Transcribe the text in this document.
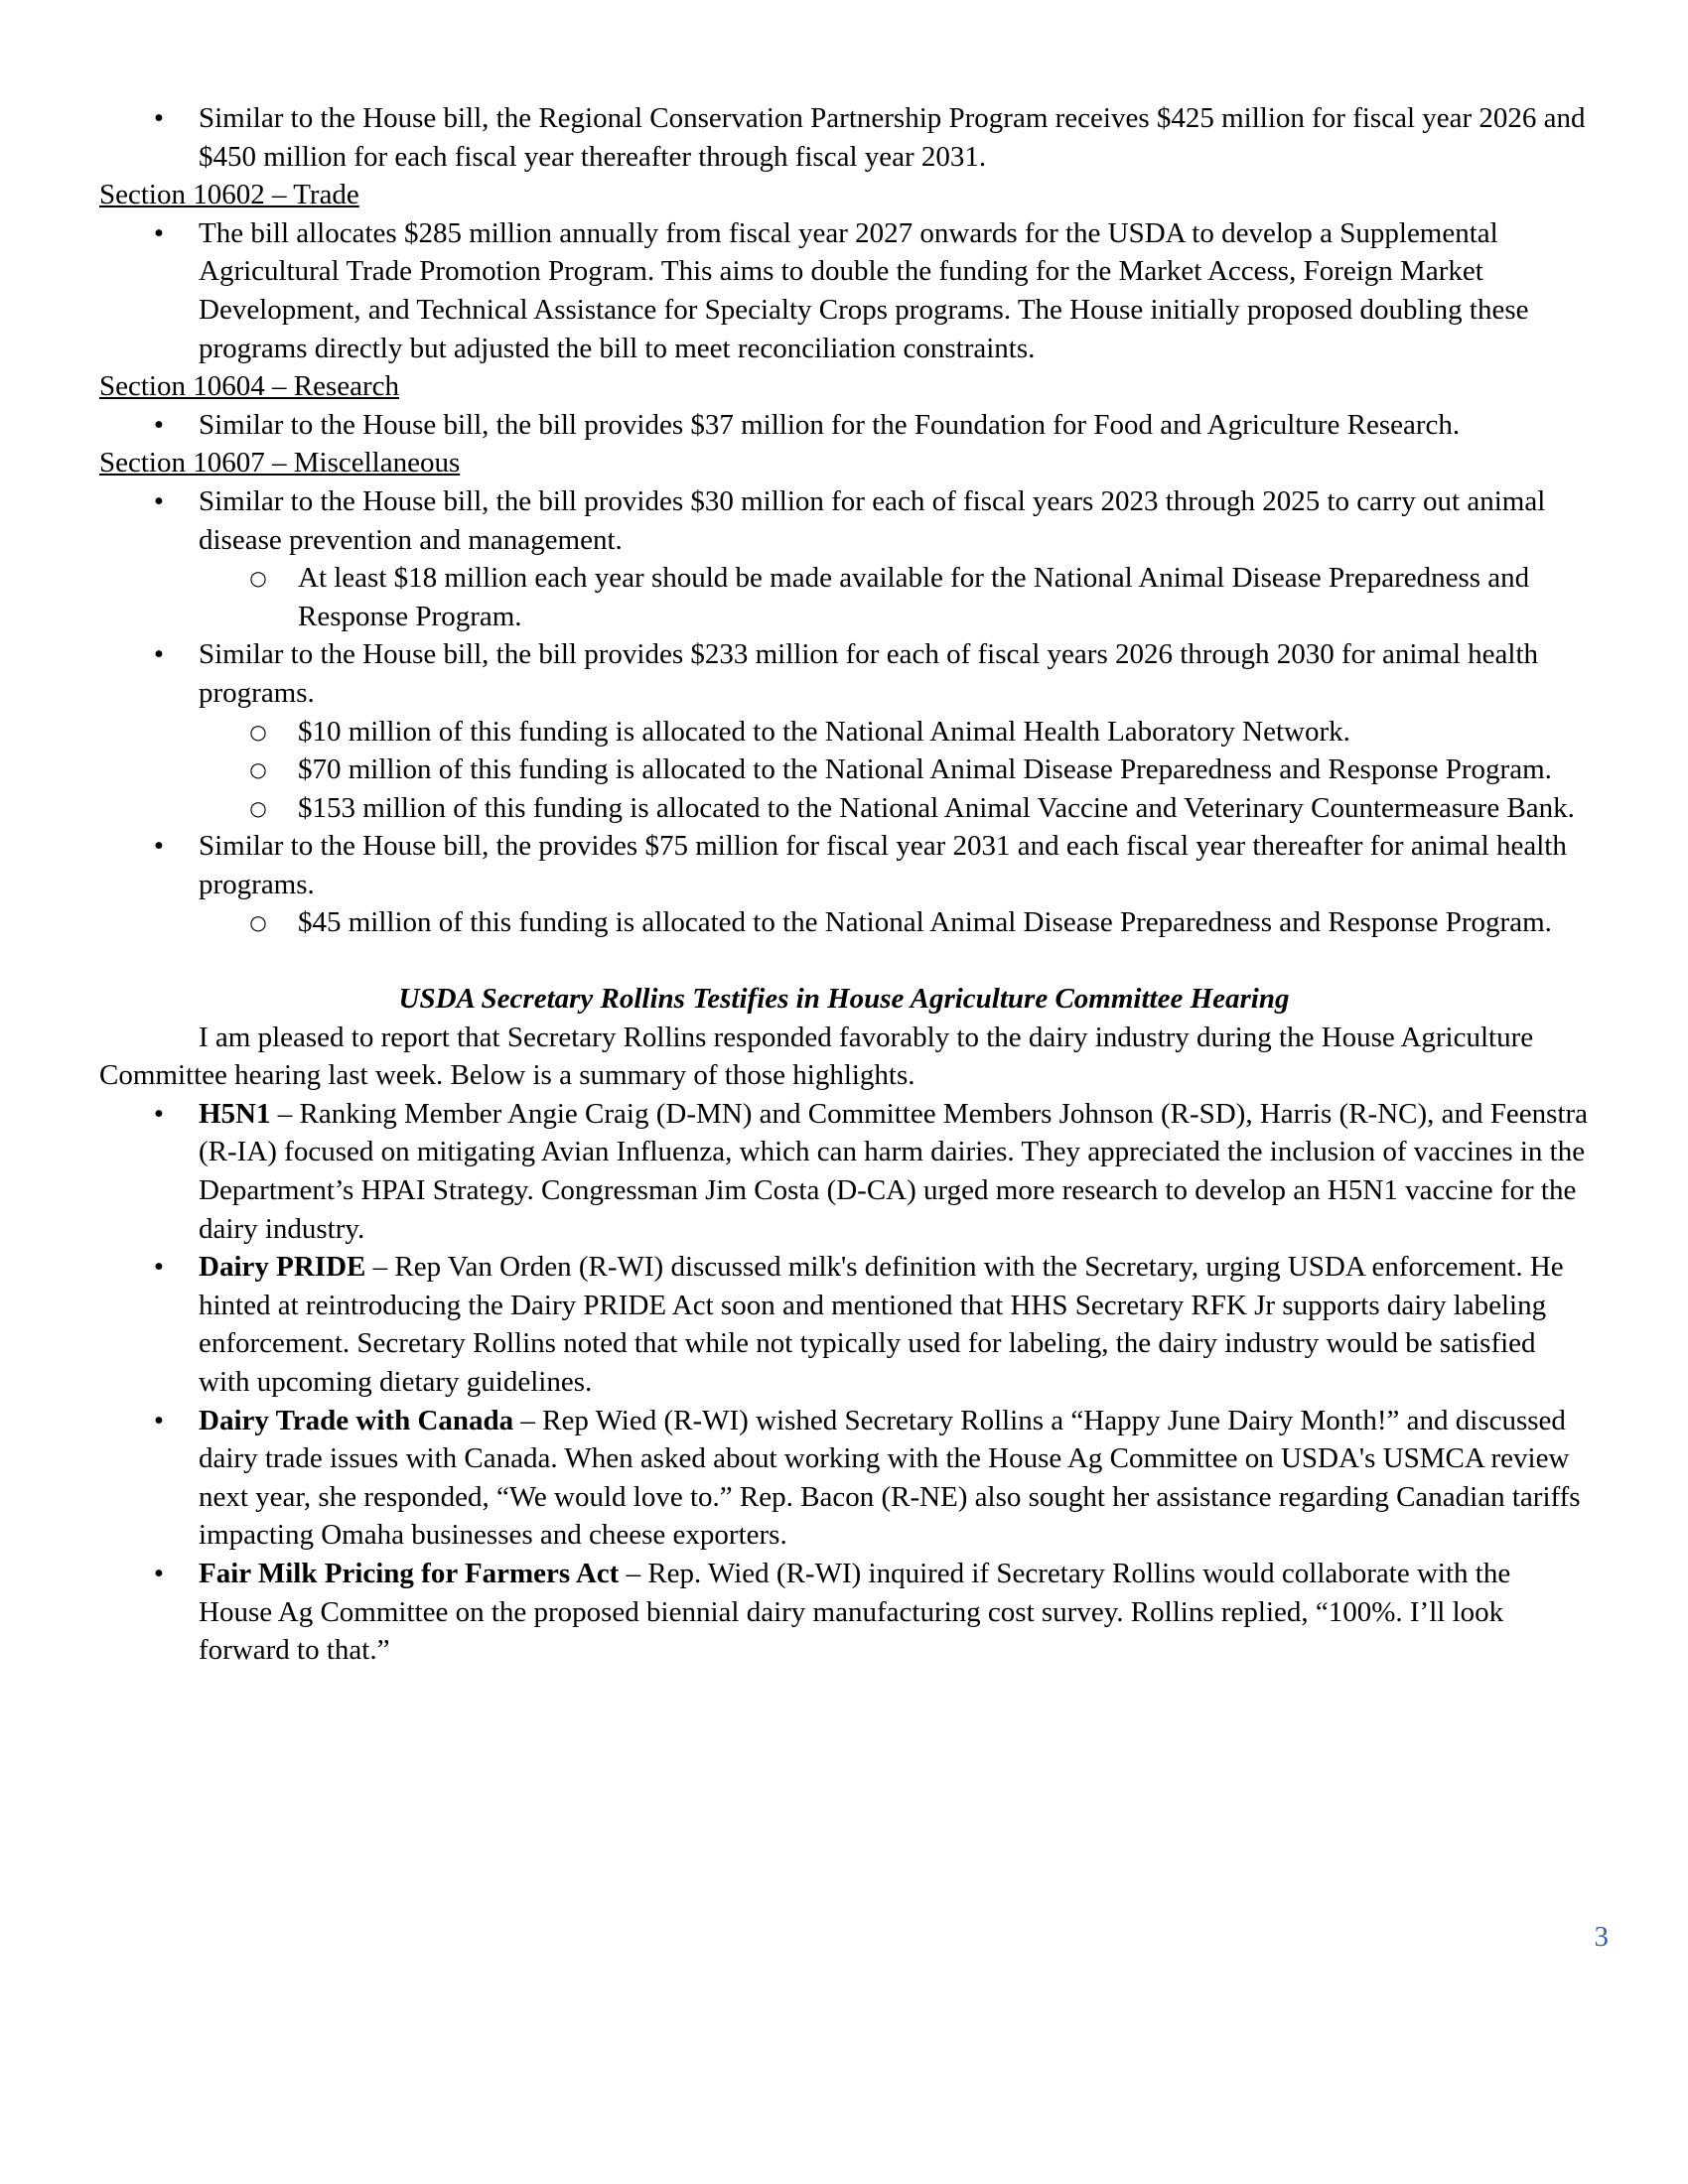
• Similar to the House bill, the Regional Conservation Partnership Program receives $425 million for fiscal year 2026 and $450 million for each fiscal year thereafter through fiscal year 2031.

Section 10602 – Trade

• The bill allocates $285 million annually from fiscal year 2027 onwards for the USDA to develop a Supplemental Agricultural Trade Promotion Program. This aims to double the funding for the Market Access, Foreign Market Development, and Technical Assistance for Specialty Crops programs. The House initially proposed doubling these programs directly but adjusted the bill to meet reconciliation constraints.

Section 10604 – Research

• Similar to the House bill, the bill provides $37 million for the Foundation for Food and Agriculture Research.

Section 10607 – Miscellaneous

• Similar to the House bill, the bill provides $30 million for each of fiscal years 2023 through 2025 to carry out animal disease prevention and management.
○ At least $18 million each year should be made available for the National Animal Disease Preparedness and Response Program.
• Similar to the House bill, the bill provides $233 million for each of fiscal years 2026 through 2030 for animal health programs.
○ $10 million of this funding is allocated to the National Animal Health Laboratory Network.
○ $70 million of this funding is allocated to the National Animal Disease Preparedness and Response Program.
○ $153 million of this funding is allocated to the National Animal Vaccine and Veterinary Countermeasure Bank.
• Similar to the House bill, the provides $75 million for fiscal year 2031 and each fiscal year thereafter for animal health programs.
○ $45 million of this funding is allocated to the National Animal Disease Preparedness and Response Program.

USDA Secretary Rollins Testifies in House Agriculture Committee Hearing

I am pleased to report that Secretary Rollins responded favorably to the dairy industry during the House Agriculture Committee hearing last week. Below is a summary of those highlights.

• H5N1 – Ranking Member Angie Craig (D-MN) and Committee Members Johnson (R-SD), Harris (R-NC), and Feenstra (R-IA) focused on mitigating Avian Influenza, which can harm dairies. They appreciated the inclusion of vaccines in the Department’s HPAI Strategy. Congressman Jim Costa (D-CA) urged more research to develop an H5N1 vaccine for the dairy industry.
• Dairy PRIDE – Rep Van Orden (R-WI) discussed milk's definition with the Secretary, urging USDA enforcement. He hinted at reintroducing the Dairy PRIDE Act soon and mentioned that HHS Secretary RFK Jr supports dairy labeling enforcement. Secretary Rollins noted that while not typically used for labeling, the dairy industry would be satisfied with upcoming dietary guidelines.
• Dairy Trade with Canada – Rep Wied (R-WI) wished Secretary Rollins a “Happy June Dairy Month!” and discussed dairy trade issues with Canada. When asked about working with the House Ag Committee on USDA's USMCA review next year, she responded, “We would love to.” Rep. Bacon (R-NE) also sought her assistance regarding Canadian tariffs impacting Omaha businesses and cheese exporters.
• Fair Milk Pricing for Farmers Act – Rep. Wied (R-WI) inquired if Secretary Rollins would collaborate with the House Ag Committee on the proposed biennial dairy manufacturing cost survey. Rollins replied, “100%. I’ll look forward to that.”
3
